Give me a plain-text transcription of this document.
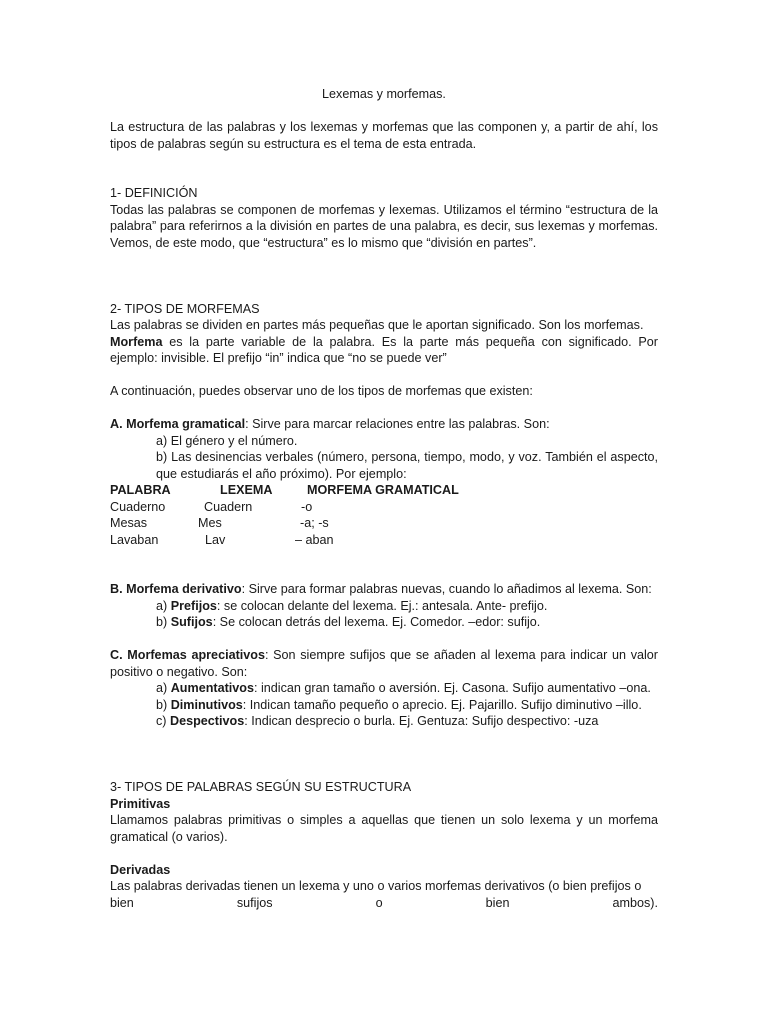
Lexemas y morfemas.

La estructura de las palabras y los lexemas y morfemas que las componen y, a partir de ahí, los tipos de palabras según su estructura es el tema de esta entrada.

1- DEFINICIÓN

Todas las palabras se componen de morfemas y lexemas. Utilizamos el término “estructura de la palabra” para referirnos a la división en partes de una palabra, es decir, sus lexemas y morfemas. Vemos, de este modo, que “estructura” es lo mismo que “división en partes”.

2- TIPOS DE MORFEMAS

Las palabras se dividen en partes más pequeñas que le aportan significado. Son los morfemas.

Morfema es la parte variable de la palabra. Es la parte más pequeña con significado. Por ejemplo: invisible. El prefijo “in” indica que “no se puede ver”

A continuación, puedes observar uno de los tipos de morfemas que existen:

A. Morfema gramatical: Sirve para marcar relaciones entre las palabras. Son:

a) El género y el número.

b) Las desinencias verbales (número, persona, tiempo, modo, y voz. También el aspecto, que estudiarás el año próximo). Por ejemplo:

PALABRA	LEXEMA	MORFEMA GRAMATICAL
Cuaderno	Cuadern	-o
Mesas	Mes	-a; -s
Lavaban	Lav	– aban

B. Morfema derivativo: Sirve para formar palabras nuevas, cuando lo añadimos al lexema. Son:

a) Prefijos: se colocan delante del lexema. Ej.: antesala. Ante- prefijo.

b) Sufijos: Se colocan detrás del lexema. Ej. Comedor. –edor: sufijo.

C. Morfemas apreciativos: Son siempre sufijos que se añaden al lexema para indicar un valor positivo o negativo. Son:

a) Aumentativos: indican gran tamaño o aversión. Ej. Casona. Sufijo aumentativo –ona.

b) Diminutivos: Indican tamaño pequeño o aprecio. Ej. Pajarillo. Sufijo diminutivo –illo.

c) Despectivos: Indican desprecio o burla. Ej. Gentuza: Sufijo despectivo: -uza

3- TIPOS DE PALABRAS SEGÚN SU ESTRUCTURA

Primitivas

Llamamos palabras primitivas o simples a aquellas que tienen un solo lexema y un morfema gramatical (o varios).

Derivadas

Las palabras derivadas tienen un lexema y uno o varios morfemas derivativos (o bien prefijos o

bien sufijos o bien ambos).
